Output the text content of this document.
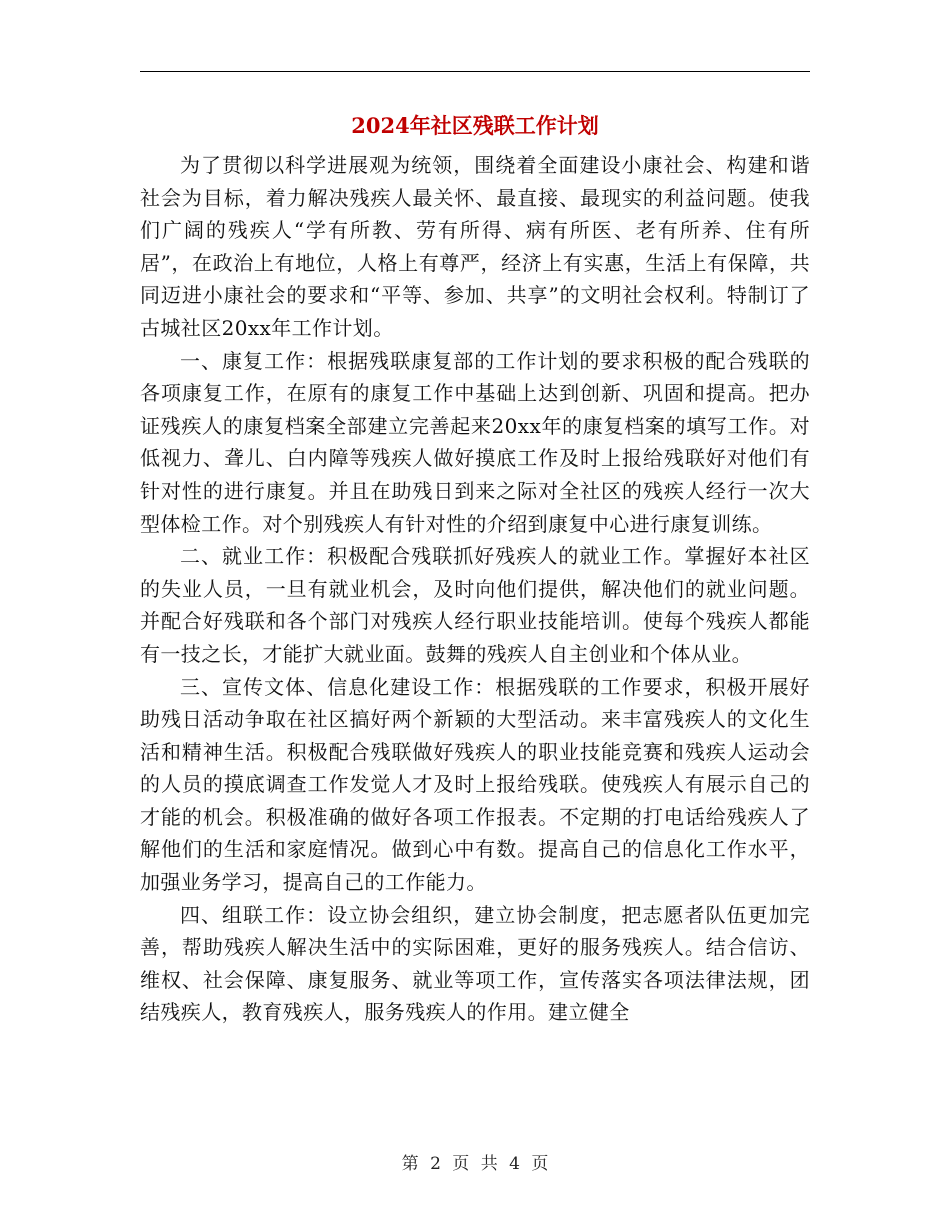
2024年社区残联工作计划

为了贯彻以科学进展观为统领，围绕着全面建设小康社会、构建和谐社会为目标，着力解决残疾人最关怀、最直接、最现实的利益问题。使我们广阔的残疾人“学有所教、劳有所得、病有所医、老有所养、住有所居”，在政治上有地位，人格上有尊严，经济上有实惠，生活上有保障，共同迈进小康社会的要求和“平等、参加、共享”的文明社会权利。特制订了古城社区20xx年工作计划。

一、康复工作：根据残联康复部的工作计划的要求积极的配合残联的各项康复工作，在原有的康复工作中基础上达到创新、巩固和提高。把办证残疾人的康复档案全部建立完善起来20xx年的康复档案的填写工作。对低视力、聋儿、白内障等残疾人做好摸底工作及时上报给残联好对他们有针对性的进行康复。并且在助残日到来之际对全社区的残疾人经行一次大型体检工作。对个别残疾人有针对性的介绍到康复中心进行康复训练。

二、就业工作：积极配合残联抓好残疾人的就业工作。掌握好本社区的失业人员，一旦有就业机会，及时向他们提供，解决他们的就业问题。并配合好残联和各个部门对残疾人经行职业技能培训。使每个残疾人都能有一技之长，才能扩大就业面。鼓舞的残疾人自主创业和个体从业。

三、宣传文体、信息化建设工作：根据残联的工作要求，积极开展好助残日活动争取在社区搞好两个新颖的大型活动。来丰富残疾人的文化生活和精神生活。积极配合残联做好残疾人的职业技能竞赛和残疾人运动会的人员的摸底调查工作发觉人才及时上报给残联。使残疾人有展示自己的才能的机会。积极准确的做好各项工作报表。不定期的打电话给残疾人了解他们的生活和家庭情况。做到心中有数。提高自己的信息化工作水平，加强业务学习，提高自己的工作能力。

四、组联工作：设立协会组织，建立协会制度，把志愿者队伍更加完善，帮助残疾人解决生活中的实际困难，更好的服务残疾人。结合信访、维权、社会保障、康复服务、就业等项工作，宣传落实各项法律法规，团结残疾人，教育残疾人，服务残疾人的作用。建立健全

第 2 页 共 4 页
